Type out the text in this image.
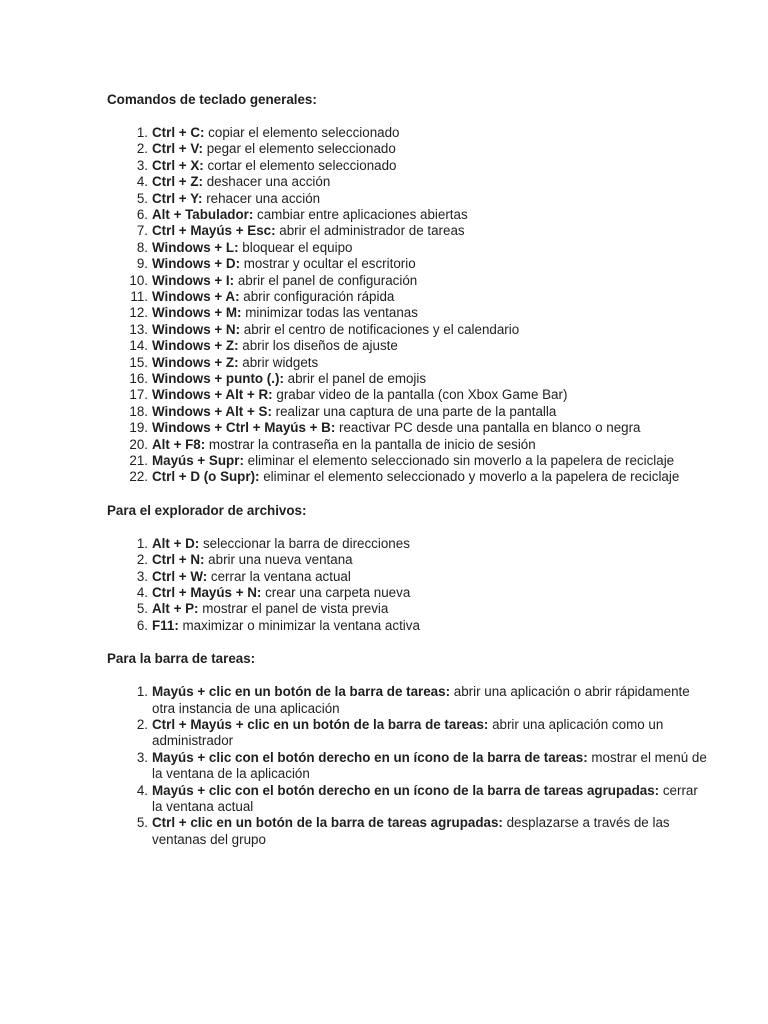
Comandos de teclado generales:
1. Ctrl + C: copiar el elemento seleccionado
2. Ctrl + V: pegar el elemento seleccionado
3. Ctrl + X: cortar el elemento seleccionado
4. Ctrl + Z: deshacer una acción
5. Ctrl + Y: rehacer una acción
6. Alt + Tabulador: cambiar entre aplicaciones abiertas
7. Ctrl + Mayús + Esc: abrir el administrador de tareas
8. Windows + L: bloquear el equipo
9. Windows + D: mostrar y ocultar el escritorio
10. Windows + I: abrir el panel de configuración
11. Windows + A: abrir configuración rápida
12. Windows + M: minimizar todas las ventanas
13. Windows + N: abrir el centro de notificaciones y el calendario
14. Windows + Z: abrir los diseños de ajuste
15. Windows + Z: abrir widgets
16. Windows + punto (.): abrir el panel de emojis
17. Windows + Alt + R: grabar video de la pantalla (con Xbox Game Bar)
18. Windows + Alt + S: realizar una captura de una parte de la pantalla
19. Windows + Ctrl + Mayús + B: reactivar PC desde una pantalla en blanco o negra
20. Alt + F8: mostrar la contraseña en la pantalla de inicio de sesión
21. Mayús + Supr: eliminar el elemento seleccionado sin moverlo a la papelera de reciclaje
22. Ctrl + D (o Supr): eliminar el elemento seleccionado y moverlo a la papelera de reciclaje
Para el explorador de archivos:
1. Alt + D: seleccionar la barra de direcciones
2. Ctrl + N: abrir una nueva ventana
3. Ctrl + W: cerrar la ventana actual
4. Ctrl + Mayús + N: crear una carpeta nueva
5. Alt + P: mostrar el panel de vista previa
6. F11: maximizar o minimizar la ventana activa
Para la barra de tareas:
1. Mayús + clic en un botón de la barra de tareas: abrir una aplicación o abrir rápidamente otra instancia de una aplicación
2. Ctrl + Mayús + clic en un botón de la barra de tareas: abrir una aplicación como un administrador
3. Mayús + clic con el botón derecho en un ícono de la barra de tareas: mostrar el menú de la ventana de la aplicación
4. Mayús + clic con el botón derecho en un ícono de la barra de tareas agrupadas: cerrar la ventana actual
5. Ctrl + clic en un botón de la barra de tareas agrupadas: desplazarse a través de las ventanas del grupo
